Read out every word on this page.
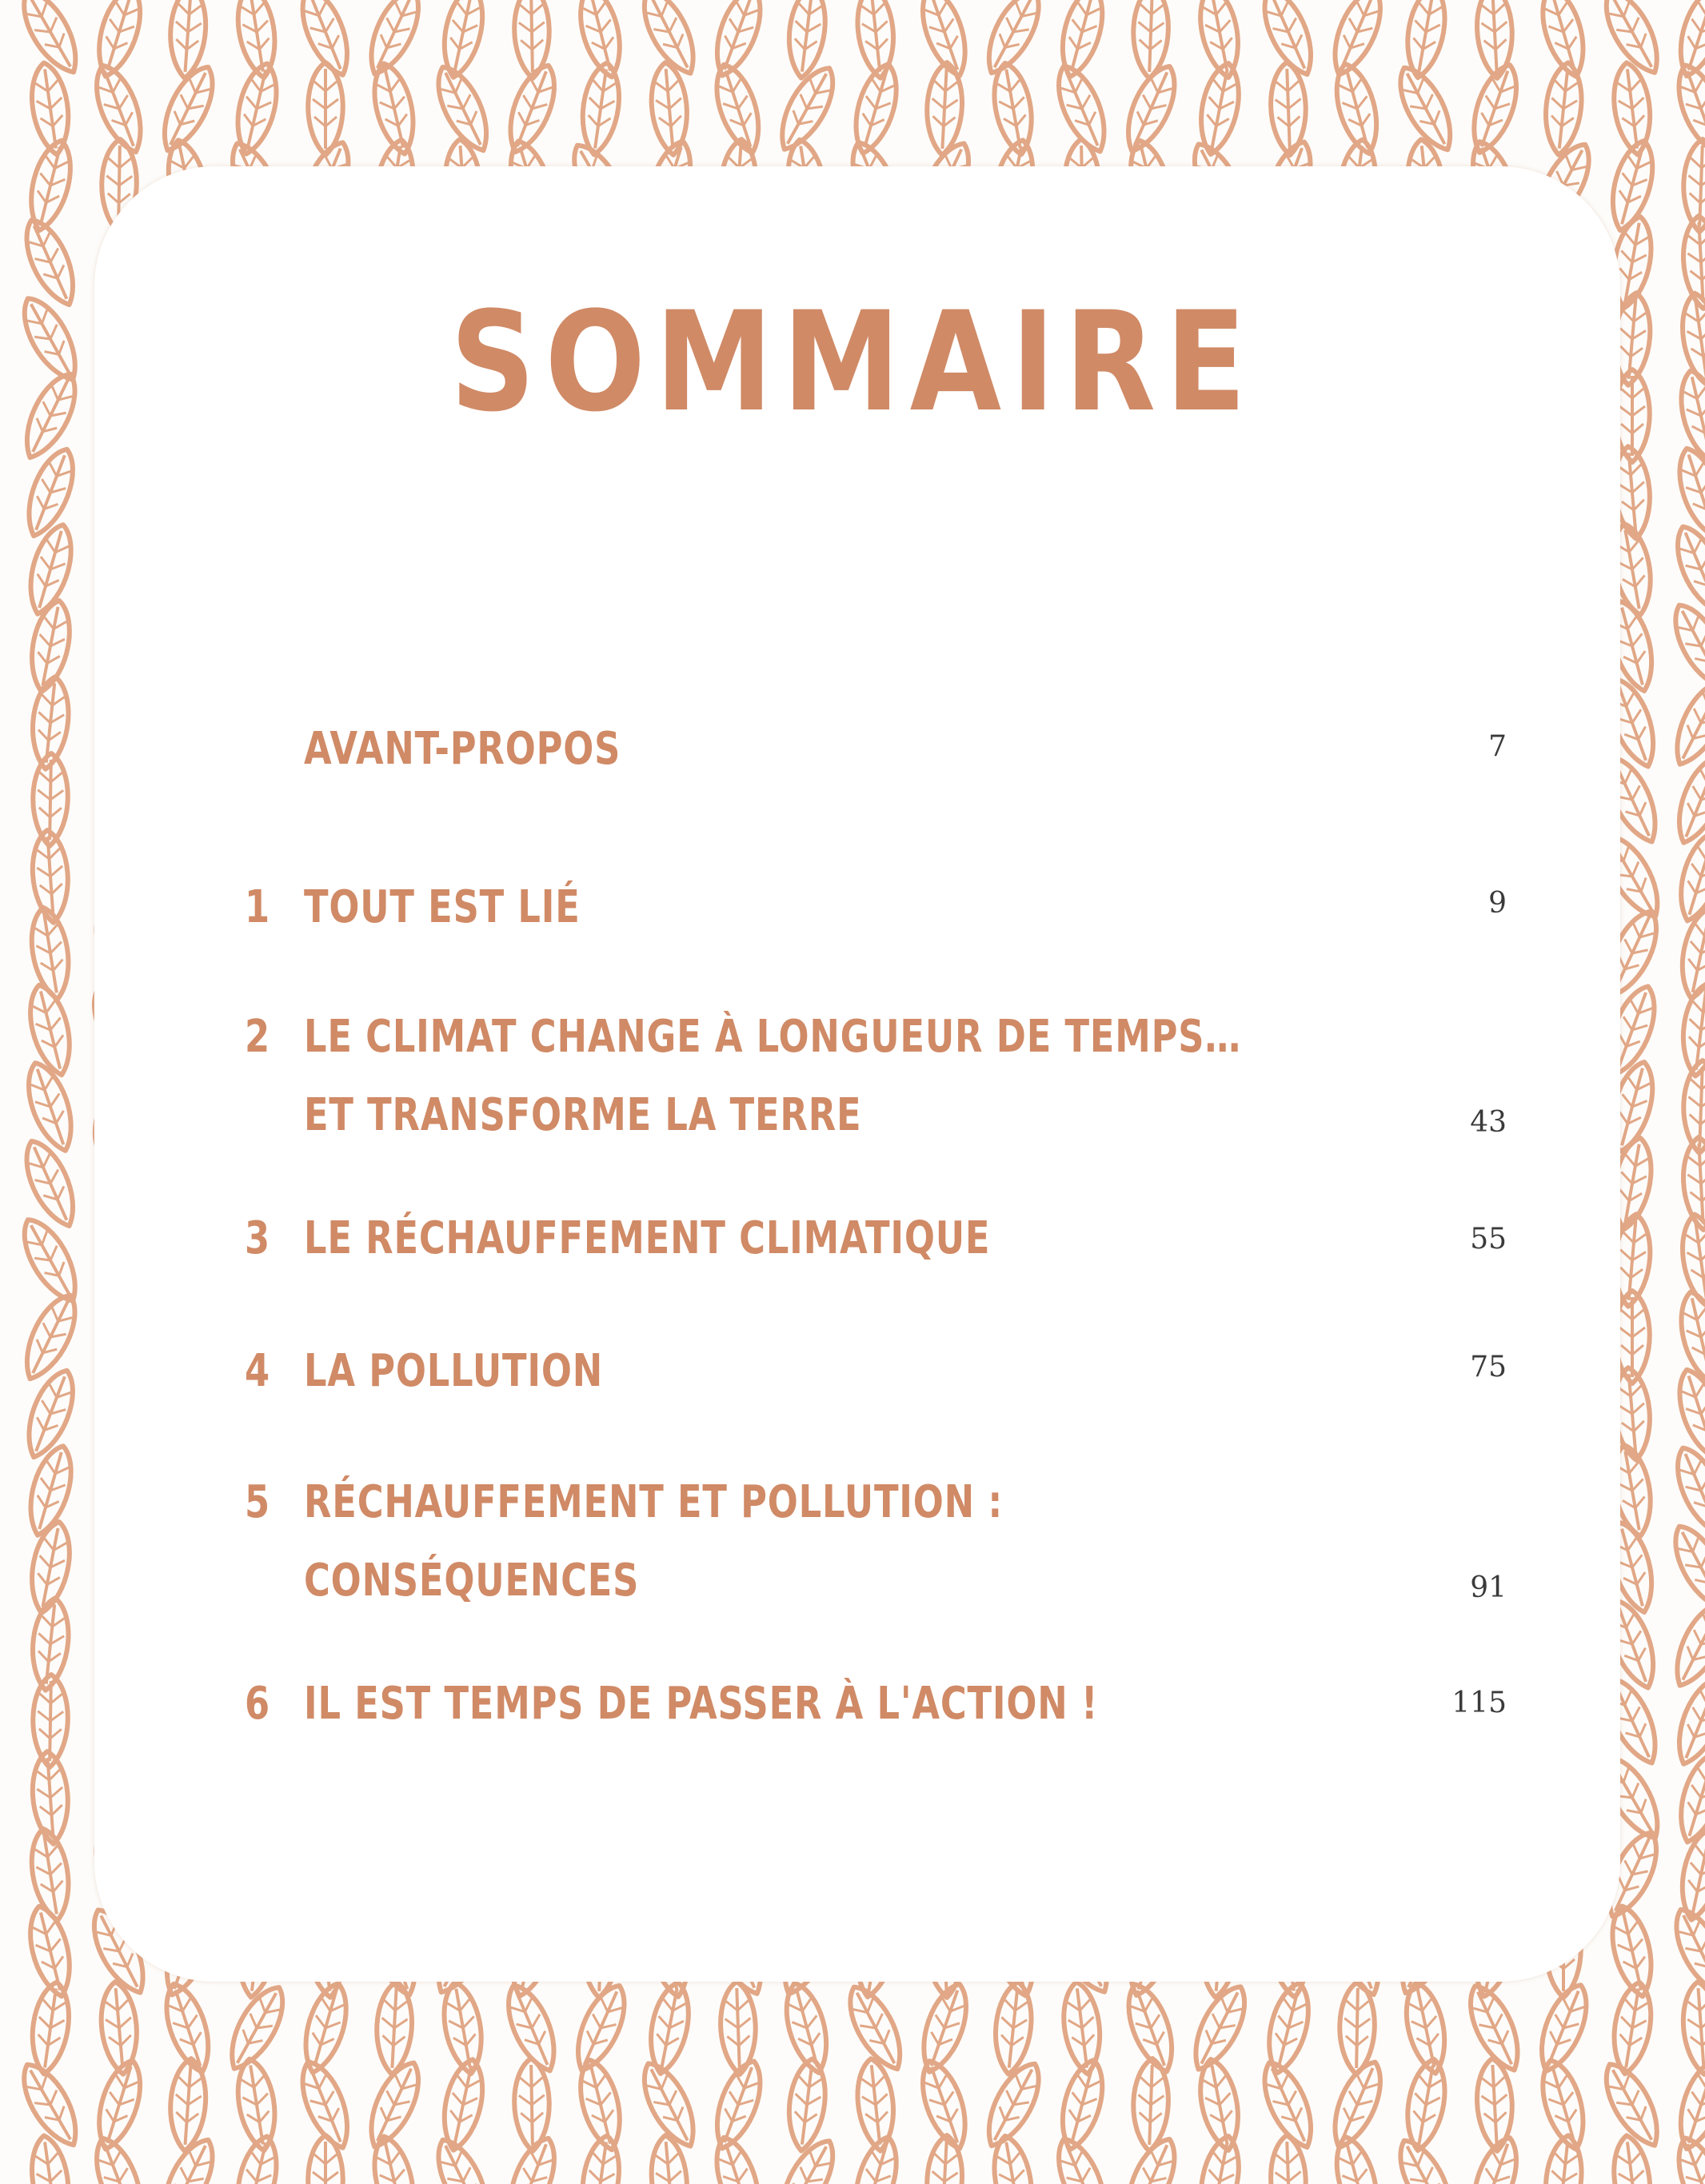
SOMMAIRE
AVANT-PROPOS	7
1 TOUT EST LIÉ	9
2 LE CLIMAT CHANGE À LONGUEUR DE TEMPS…
ET TRANSFORME LA TERRE	43
3 LE RÉCHAUFFEMENT CLIMATIQUE	55
4 LA POLLUTION	75
5 RÉCHAUFFEMENT ET POLLUTION :
CONSÉQUENCES	91
6 IL EST TEMPS DE PASSER À L'ACTION !	115
